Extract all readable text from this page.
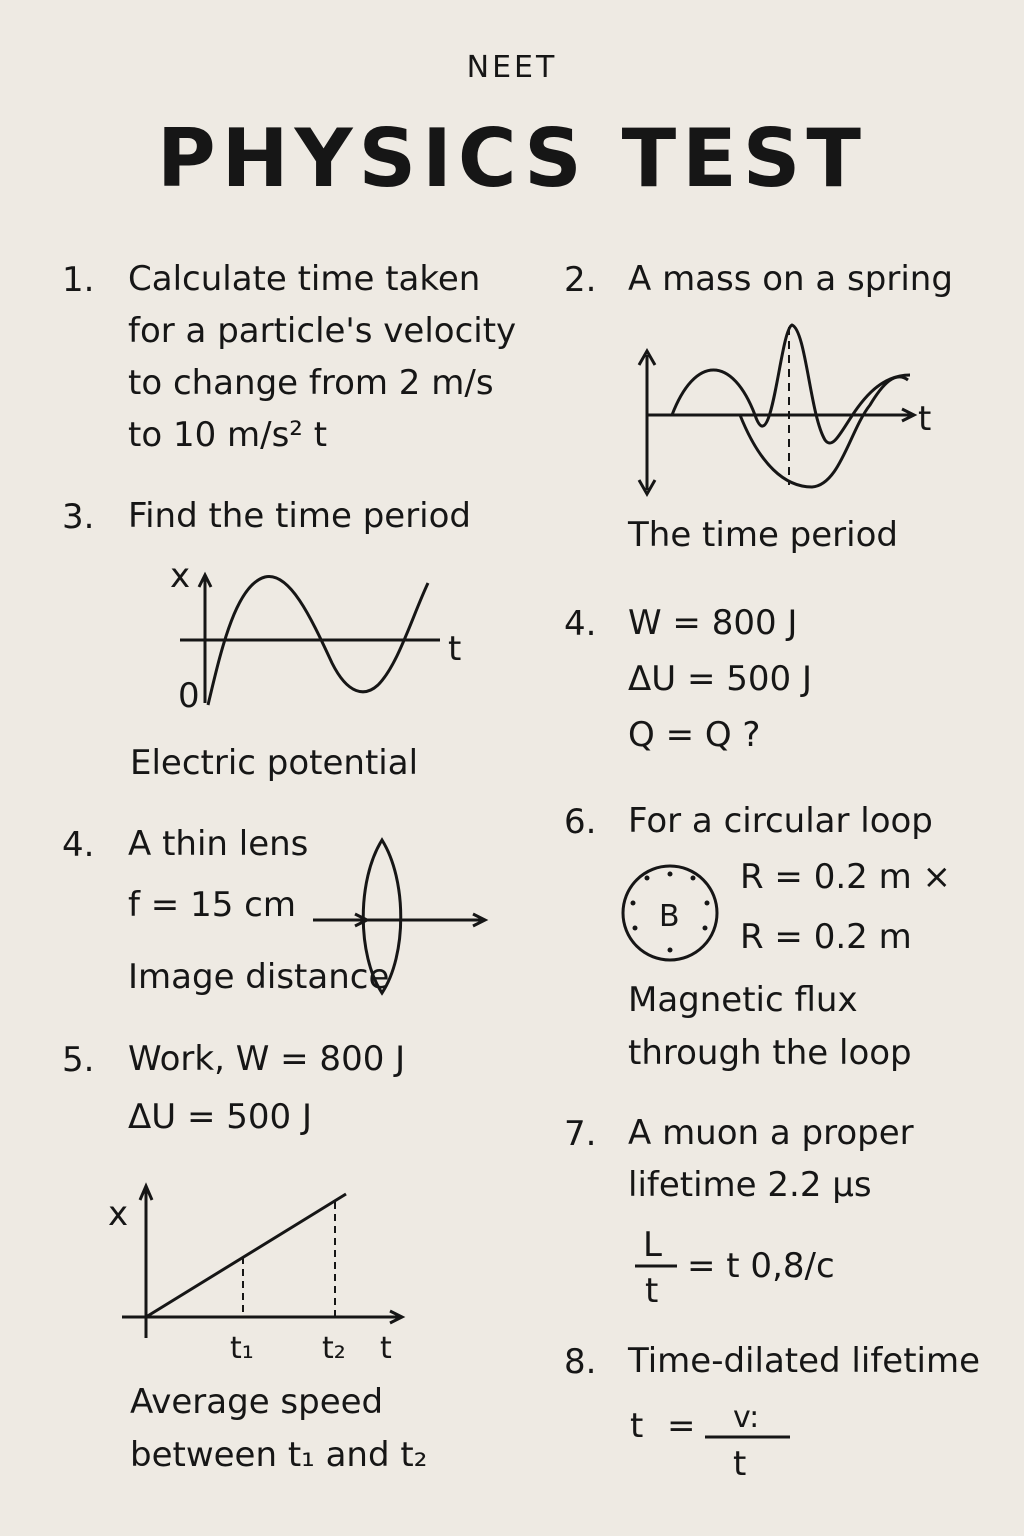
NEET
PHYSICS TEST
1. Calculate time taken
for a particle's velocity
to change from 2 m/s
to 10 m/s² t
2. A mass on a spring
t
The time period
3. Find the time period
x
t
0
Electric potential
4. W = 800 J
ΔU = 500 J
Q = Q ?
4. A thin lens
f = 15 cm
Image distance
6. For a circular loop
B
R = 0.2 m ×
R = 0.2 m
Magnetic flux
through the loop
5. Work, W = 800 J
ΔU = 500 J
x
t₁ t₂ t
Average speed
between t₁ and t₂
7. A muon a proper
lifetime 2.2 μs
L
t
= t 0,8/c
8. Time-dilated lifetime
t = v:
t
